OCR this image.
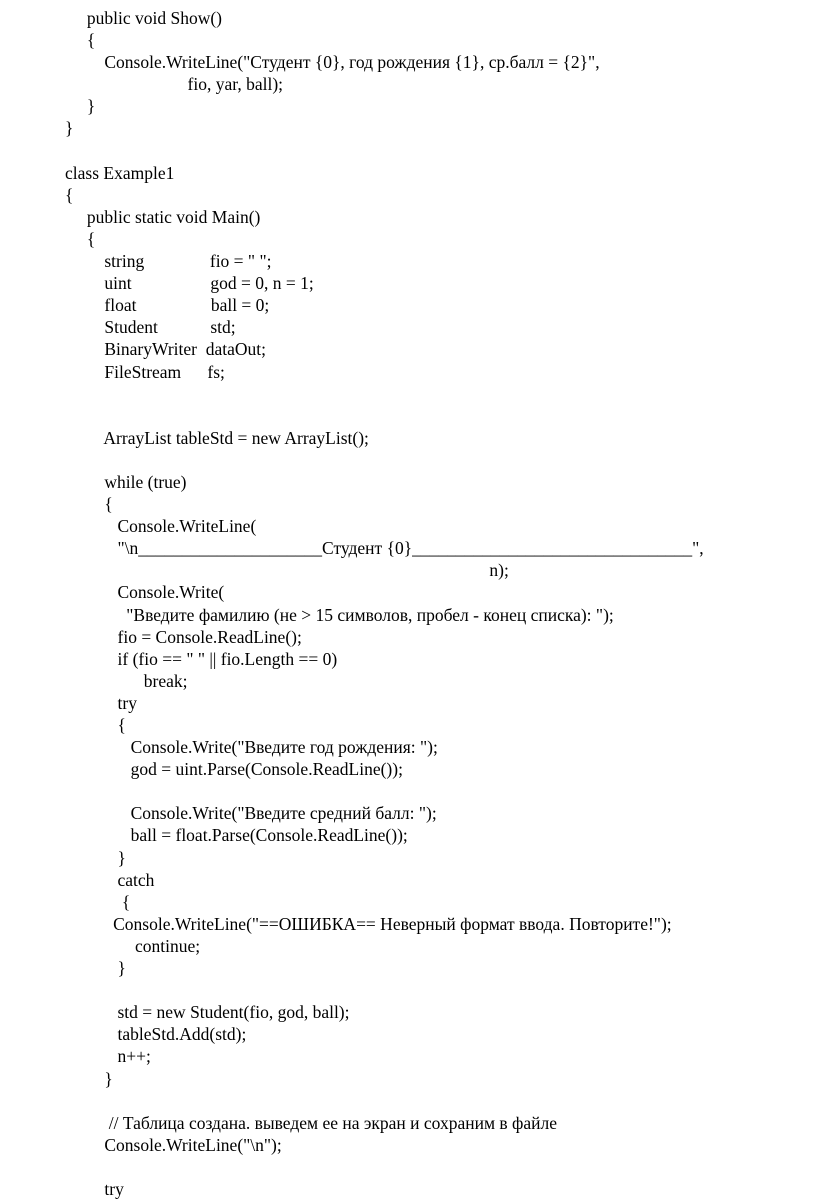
public void Show()
{
Console.WriteLine("Студент {0}, год рождения {1}, ср.балл = {2}",
fio, yar, ball);
}
}
class Example1
{
public static void Main()
{
string               fio = " ";
uint                  god = 0, n = 1;
float                 ball = 0;
Student            std;
BinaryWriter  dataOut;
FileStream      fs;
ArrayList tableStd = new ArrayList();
while (true)
{
Console.WriteLine(
"\n_____________________Студент {0}________________________________",
n);
Console.Write(
"Введите фамилию (не > 15 символов, пробел - конец списка): ");
fio = Console.ReadLine();
if (fio == " " || fio.Length == 0)
break;
try
{
Console.Write("Введите год рождения: ");
god = uint.Parse(Console.ReadLine());
Console.Write("Введите средний балл: ");
ball = float.Parse(Console.ReadLine());
}
catch
{
Console.WriteLine("==ОШИБКА== Неверный формат ввода. Повторите!");
continue;
}
std = new Student(fio, god, ball);
tableStd.Add(std);
n++;
}
// Таблица создана. выведем ее на экран и сохраним в файле
Console.WriteLine("\n");
try
